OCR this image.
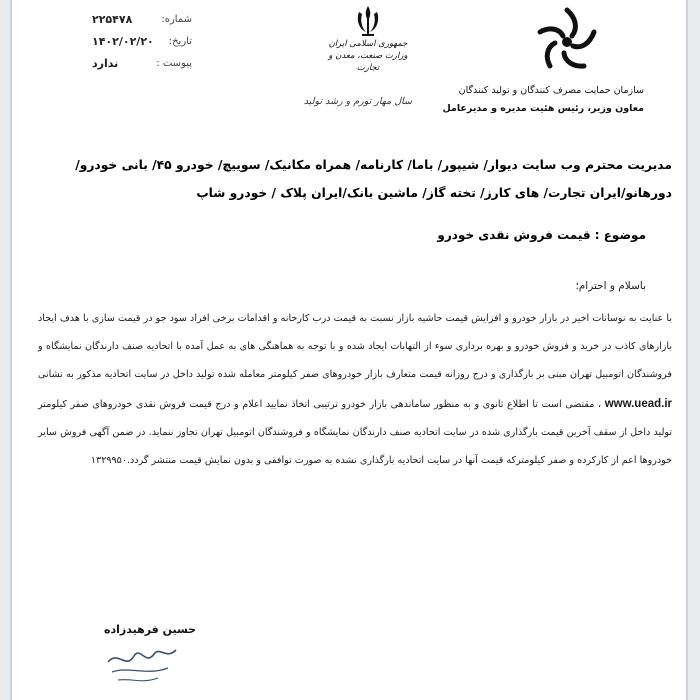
شماره:
۲۲۵۴۷۸
تاریخ:
۱۴۰۲/۰۲/۲۰
پیوست :
ندارد
جمهوری اسلامی ایران
وزارت صنعت، معدن و تجارت
سازمان حمایت مصرف کنندگان و تولید کنندگان
معاون وزیر، رئیس هئیت مدیره و مدیرعامل
سال مهار تورم و رشد تولید
مدیریت محترم وب سایت دیوار/ شیپور/ باما/ کارنامه/ همراه مکانیک/ سوییچ/ خودرو ۴۵/ بانی خودرو/ دورهانو/ایران تجارت/ های کارز/ تخته گاز/ ماشین بانک/ایران پلاک / خودرو شاپ
موضوع : قیمت فروش نقدی خودرو
باسلام و احترام؛
با عنایت به نوسانات اخیر در بازار خودرو و افزایش قیمت حاشیه بازار نسبت به قیمت درب کارخانه و اقدامات برخی افراد سود جو در قیمت سازی با هدف ایجاد بازارهای کاذب در خرید و فروش خودرو و بهره برداری سوء از التهابات ایجاد شده و با توجه به هماهنگی های به عمل آمده با اتحادیه صنف دارندگان نمایشگاه و فروشندگان اتومبیل تهران مبنی بر بارگذاری و درج روزانه قیمت متعارف بازار خودروهای صفر کیلومتر معامله شده تولید داخل در سایت اتحادیه مذکور به نشانی www.uead.ir ، مقتضی است تا اطلاع ثانوی و به منظور ساماندهی بازار خودرو ترتیبی اتخاذ نمایید اعلام و درج قیمت فروش نقدی خودروهای صفر کیلومتر تولید داخل از سقف آخرین قیمت بارگذاری شده در سایت اتحادیه صنف دارندگان نمایشگاه و فروشندگان اتومبیل تهران تجاوز ننماید. در ضمن آگهی فروش سایر خودروها اعم از کارکرده و صفر کیلومترکه قیمت آنها در سایت اتحادیه بارگذاری نشده به صورت توافقی و بدون نمایش قیمت منتشر گردد.۱۳۲۹۹۵۰
حسین فرهیدزاده
